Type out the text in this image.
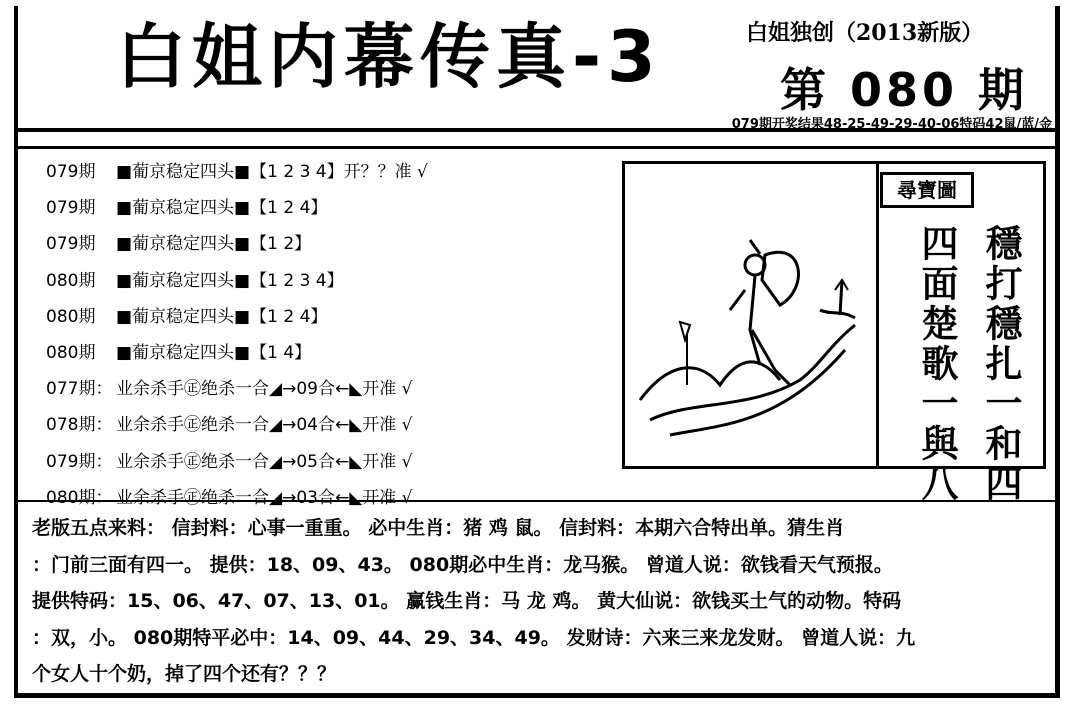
白姐内幕传真-3	白姐独创（2013新版）
第 080 期
079期开奖结果48-25-49-29-40-06特码42鼠/蓝/金
079期 ■葡京稳定四头■【1 2 3 4】开？？准 √
079期 ■葡京稳定四头■【1 2 4】
079期 ■葡京稳定四头■【1 2】
080期 ■葡京稳定四头■【1 2 3 4】
080期 ■葡京稳定四头■【1 2 4】
080期 ■葡京稳定四头■【1 4】
077期： 业余杀手㊣绝杀一合◢→09合←◣开准 √
078期： 业余杀手㊣绝杀一合◢→04合←◣开准 √
079期： 业余杀手㊣绝杀一合◢→05合←◣开准 √
080期： 业余杀手㊣绝杀一合◢→03合←◣开准 √
尋寶圖
穩打穩扎一和四
四面楚歌一與八
老版五点来料： 信封料：心事一重重。 必中生肖：猪 鸡 鼠。 信封料：本期六合特出单。猜生肖
：门前三面有四一。 提供：18、09、43。 080期必中生肖：龙马猴。 曾道人说：欲钱看天气预报。
提供特码：15、06、47、07、13、01。 赢钱生肖：马 龙 鸡。 黄大仙说：欲钱买土气的动物。特码
：双，小。 080期特平必中：14、09、44、29、34、49。 发财诗：六来三来龙发财。 曾道人说：九
个女人十个奶，掉了四个还有？？？
